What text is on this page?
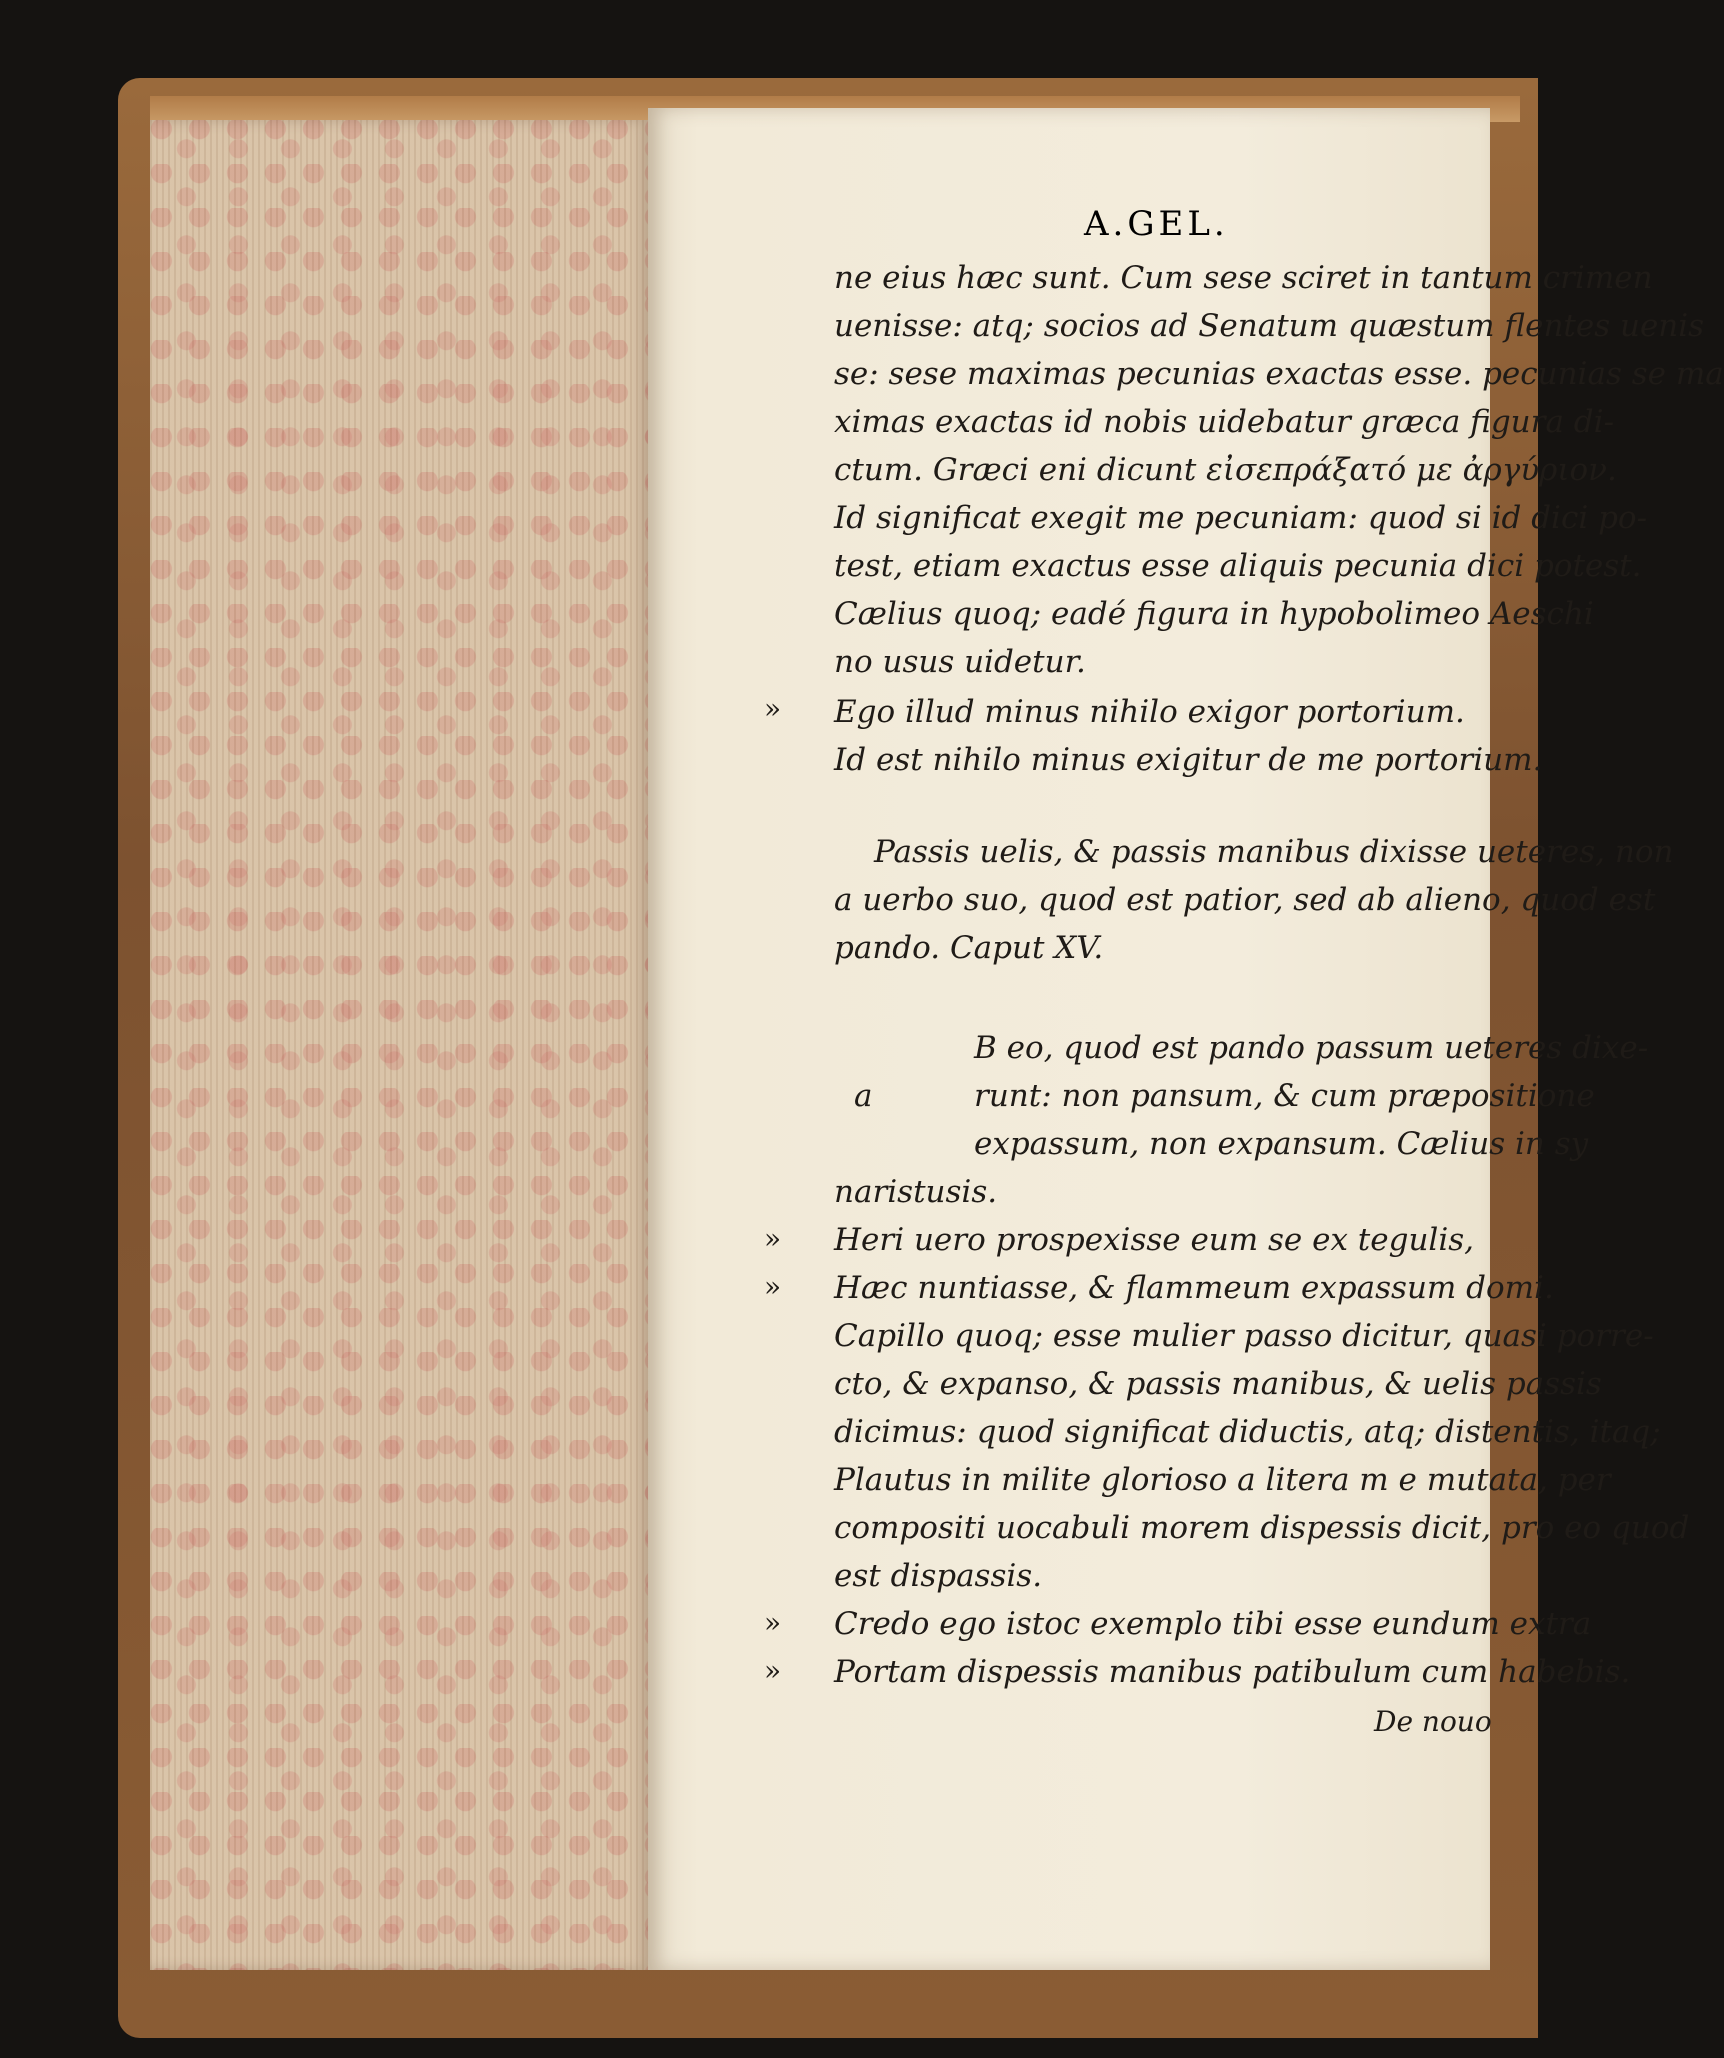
A.GEL.
ne eius hæc sunt. Cum sese sciret in tantum crimen
uenisse: atq; socios ad Senatum quæstum flentes uenis
se: sese maximas pecunias exactas esse. pecunias se ma
ximas exactas id nobis uidebatur græca figura di-
ctum. Græci eni dicunt εἰσεπράξατό με ἀργύριον.
Id significat exegit me pecuniam: quod si id dici po-
test, etiam exactus esse aliquis pecunia dici potest.
Cælius quoq; eadé figura in hypobolimeo Aeschi
no usus uidetur.
» Ego illud minus nihilo exigor portorium.
Id est nihilo minus exigitur de me portorium.
Passis uelis, & passis manibus dixisse ueteres, non
a uerbo suo, quod est patior, sed ab alieno, quod est
pando. Caput XV.
B eo, quod est pando passum ueteres dixe-
a	runt: non pansum, & cum præpositione
expassum, non expansum. Cælius in sy
naristusis.
» Heri uero prospexisse eum se ex tegulis,
» Hæc nuntiasse, & flammeum expassum domi.
Capillo quoq; esse mulier passo dicitur, quasi porre-
cto, & expanso, & passis manibus, & uelis passis
dicimus: quod significat diductis, atq; distentis, itaq;
Plautus in milite glorioso a litera m e mutata, per
compositi uocabuli morem dispessis dicit, pro eo quod
est dispassis.
» Credo ego istoc exemplo tibi esse eundum extra
» Portam dispessis manibus patibulum cum habebis.
De nouo
